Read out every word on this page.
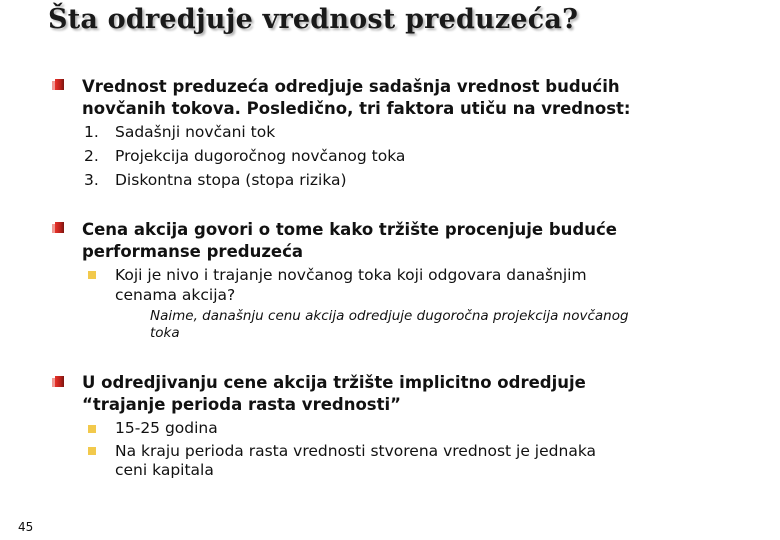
Šta odredjuje vrednost preduzeća?
Vrednost preduzeća odredjuje sadašnja vrednost budućih
novčanih tokova. Posledično, tri faktora utiču na vrednost:
1. Sadašnji novčani tok
2. Projekcija dugoročnog novčanog toka
3. Diskontna stopa (stopa rizika)
Cena akcija govori o tome kako tržište procenjuje buduće
performanse preduzeća
Koji je nivo i trajanje novčanog toka koji odgovara današnjim
cenama akcija?
Naime, današnju cenu akcija odredjuje dugoročna projekcija novčanog
toka
U odredjivanju cene akcija tržište implicitno odredjuje
“trajanje perioda rasta vrednosti”
15-25 godina
Na kraju perioda rasta vrednosti stvorena vrednost je jednaka
ceni kapitala
45
